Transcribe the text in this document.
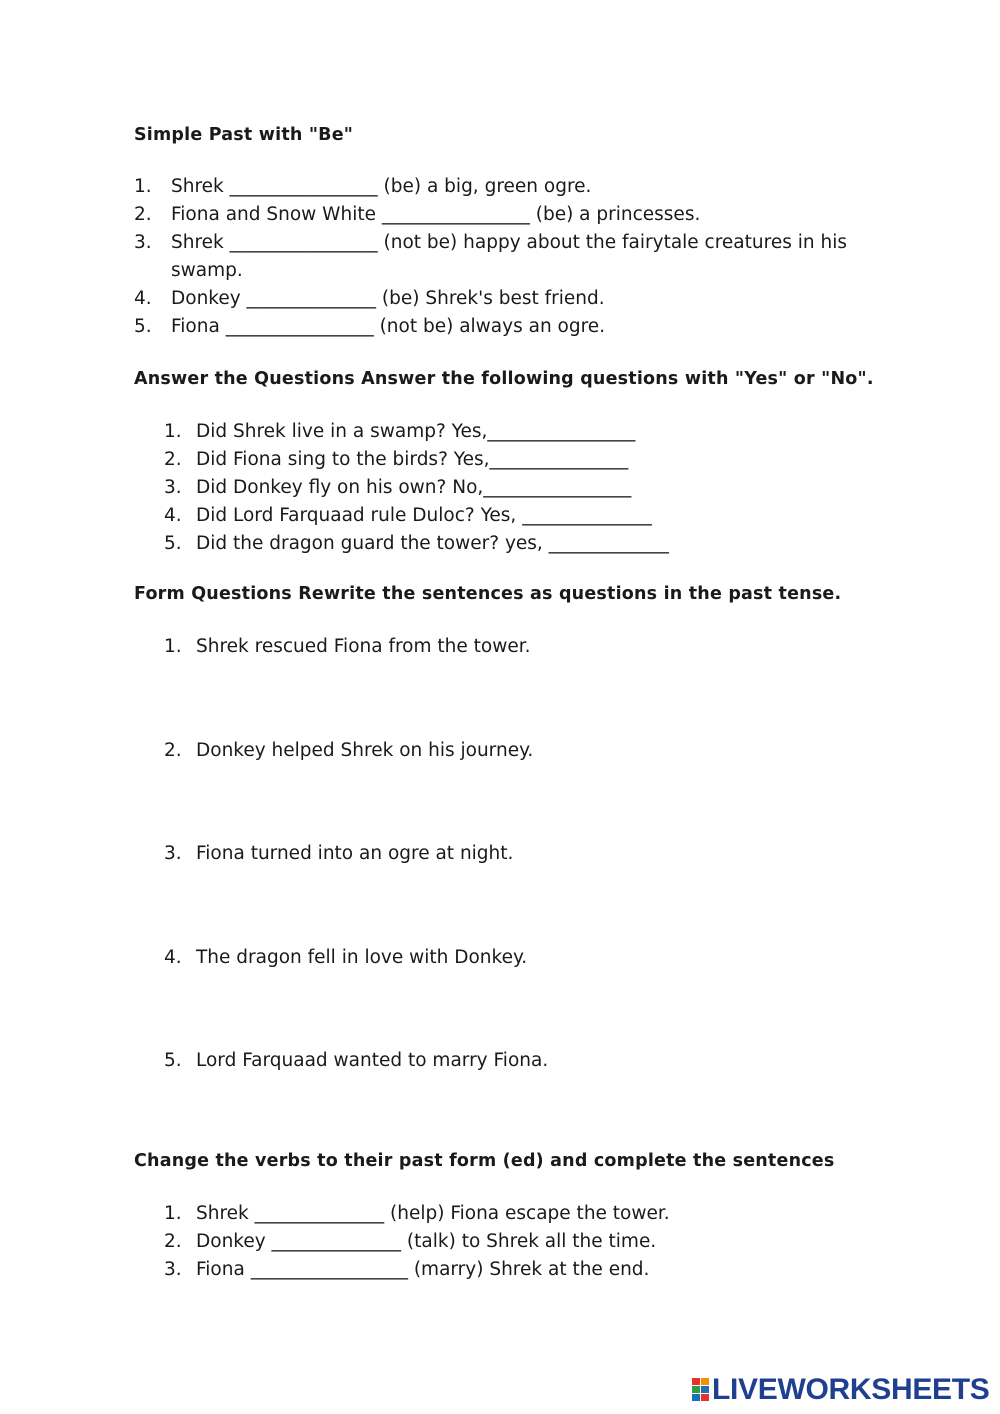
Simple Past with "Be"
1. Shrek ________________ (be) a big, green ogre.
2. Fiona and Snow White ________________ (be) a princesses.
3. Shrek ________________ (not be) happy about the fairytale creatures in his swamp.
4. Donkey ______________ (be) Shrek's best friend.
5. Fiona ________________ (not be) always an ogre.
Answer the Questions Answer the following questions with "Yes" or "No".
1. Did Shrek live in a swamp? Yes,________________
2. Did Fiona sing to the birds? Yes,_______________
3. Did Donkey fly on his own? No,________________
4. Did Lord Farquaad rule Duloc? Yes, ______________
5. Did the dragon guard the tower? yes, _____________
Form Questions Rewrite the sentences as questions in the past tense.
1. Shrek rescued Fiona from the tower.
2. Donkey helped Shrek on his journey.
3. Fiona turned into an ogre at night.
4. The dragon fell in love with Donkey.
5. Lord Farquaad wanted to marry Fiona.
Change the verbs to their past form (ed) and complete the sentences
1. Shrek ______________ (help) Fiona escape the tower.
2. Donkey ______________ (talk) to Shrek all the time.
3. Fiona _________________ (marry) Shrek at the end.
LIVEWORKSHEETS
